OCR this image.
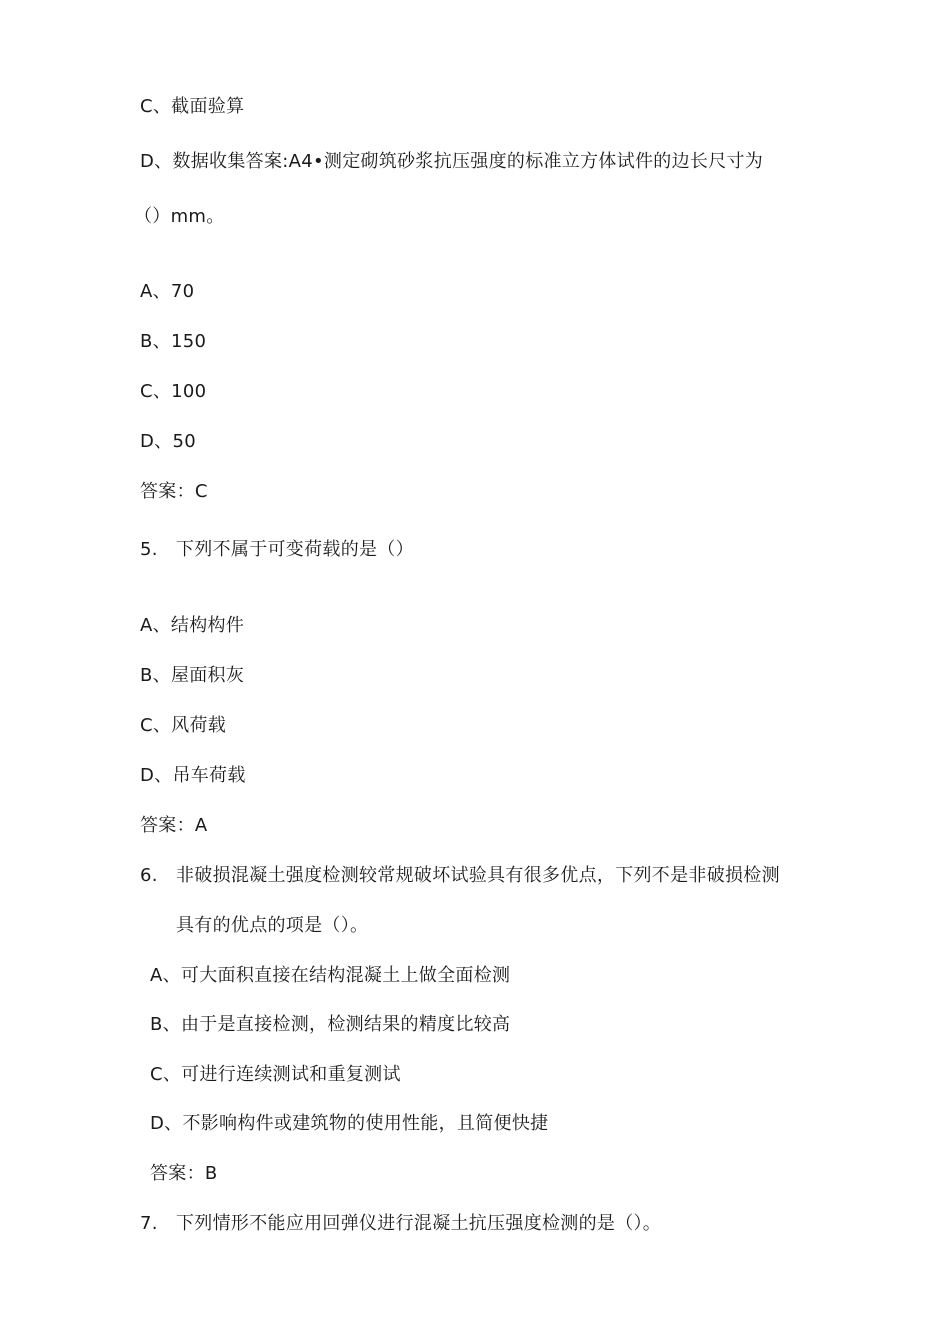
C、截面验算
D、数据收集答案:A4•测定砌筑砂浆抗压强度的标准立方体试件的边长尺寸为
（）mm。
A、70
B、150
C、100
D、50
答案：C
5. 下列不属于可变荷载的是（）
A、结构构件
B、屋面积灰
C、风荷载
D、吊车荷载
答案：A
6. 非破损混凝土强度检测较常规破坏试验具有很多优点，下列不是非破损检测
具有的优点的项是（）。
A、可大面积直接在结构混凝土上做全面检测
B、由于是直接检测，检测结果的精度比较高
C、可进行连续测试和重复测试
D、不影响构件或建筑物的使用性能，且简便快捷
答案：B
7. 下列情形不能应用回弹仪进行混凝土抗压强度检测的是（）。
